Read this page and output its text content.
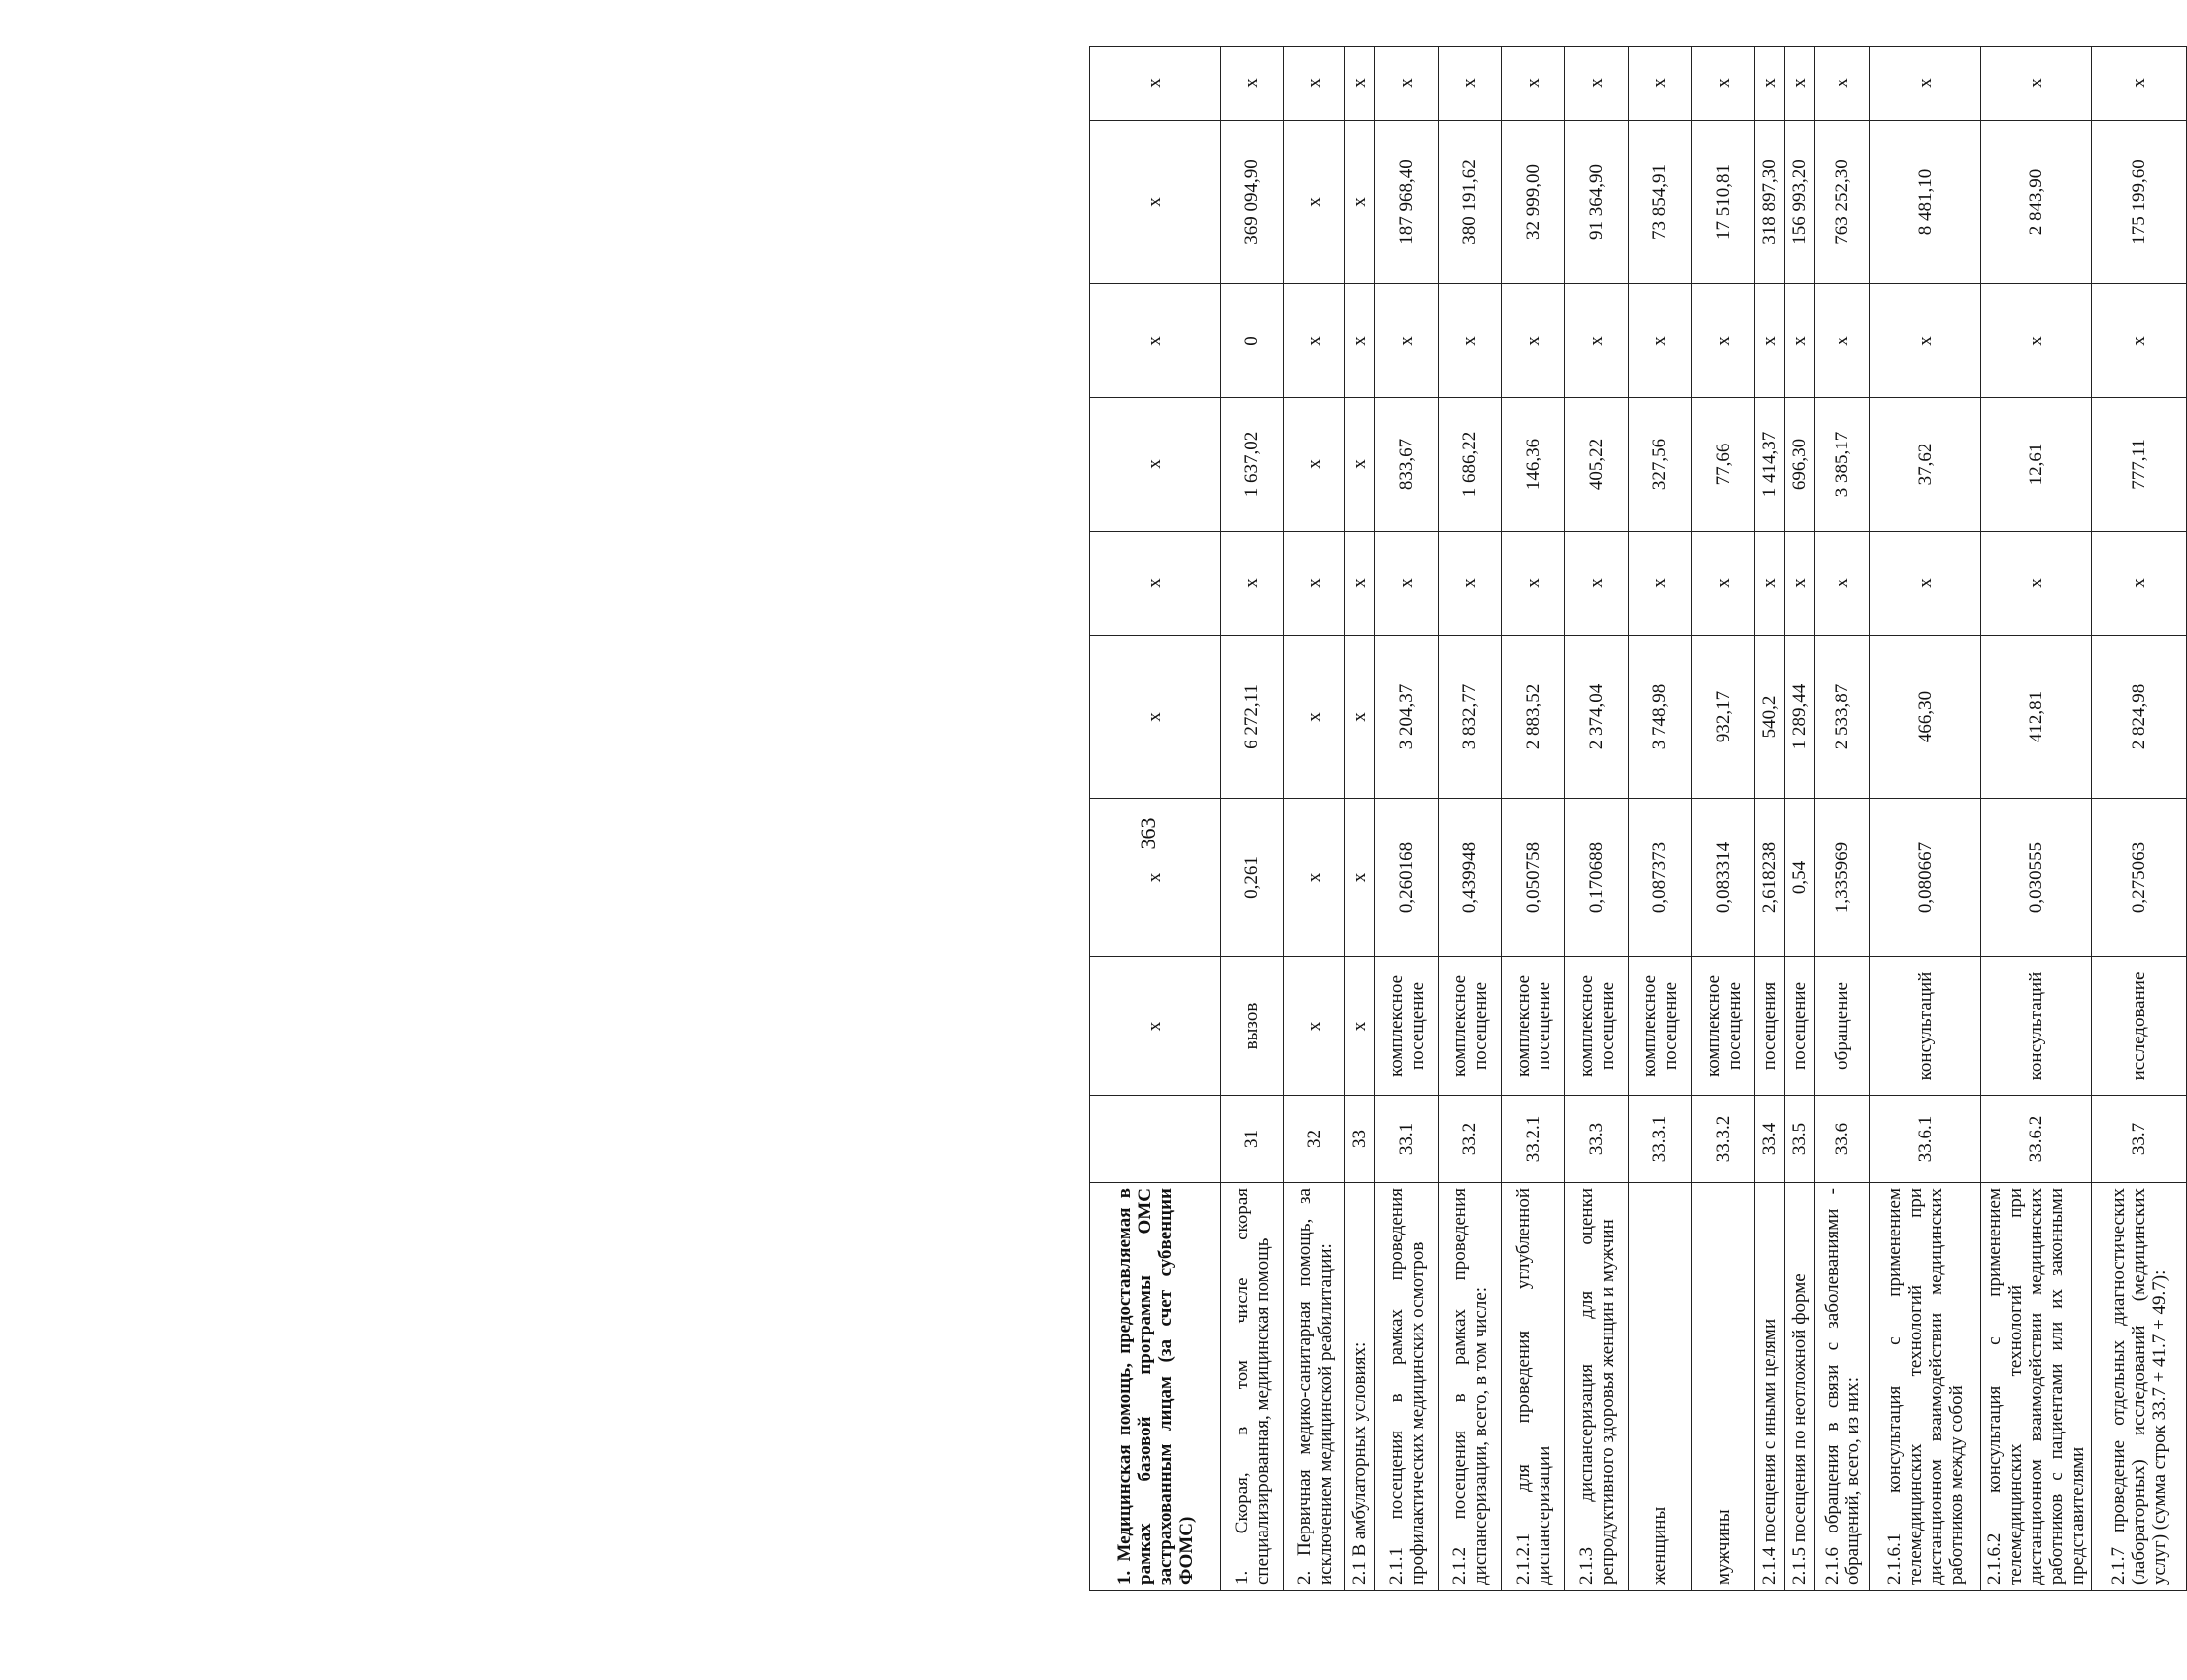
1. Медицинская помощь, предоставляемая в рамках базовой программы ОМС застрахованным лицам (за счет субвенции ФОМС)		x	x	x	x	x	x	x	x
1. Скорая, в том числе скорая специализированная, медицинская помощь	31	вызов	0,261	6 272,11	x	1 637,02	0	369 094,90	x
2. Первичная медико-санитарная помощь, за исключением медицинской реабилитации:	32	x	x	x	x	x	x	x	x
2.1 В амбулаторных условиях:	33	x	x	x	x	x	x	x	x
2.1.1 посещения в рамках проведения профилактических медицинских осмотров	33.1	комплексное посещение	0,260168	3 204,37	x	833,67	x	187 968,40	x
2.1.2 посещения в рамках проведения диспансеризации, всего, в том числе:	33.2	комплексное посещение	0,439948	3 832,77	x	1 686,22	x	380 191,62	x
2.1.2.1 для проведения углубленной диспансеризации	33.2.1	комплексное посещение	0,050758	2 883,52	x	146,36	x	32 999,00	x
2.1.3 диспансеризация для оценки репродуктивного здоровья женщин и мужчин	33.3	комплексное посещение	0,170688	2 374,04	x	405,22	x	91 364,90	x
женщины	33.3.1	комплексное посещение	0,087373	3 748,98	x	327,56	x	73 854,91	x
мужчины	33.3.2	комплексное посещение	0,083314	932,17	x	77,66	x	17 510,81	x
2.1.4 посещения с иными целями	33.4	посещения	2,618238	540,2	x	1 414,37	x	318 897,30	x
2.1.5 посещения по неотложной форме	33.5	посещение	0,54	1 289,44	x	696,30	x	156 993,20	x
2.1.6 обращения в связи с заболеваниями - обращений, всего, из них:	33.6	обращение	1,335969	2 533,87	x	3 385,17	x	763 252,30	x
2.1.6.1 консультация с применением телемедицинских технологий при дистанционном взаимодействии медицинских работников между собой	33.6.1	консультаций	0,080667	466,30	x	37,62	x	8 481,10	x
2.1.6.2 консультация с применением телемедицинских технологий при дистанционном взаимодействии медицинских работников с пациентами или их законными представителями	33.6.2	консультаций	0,030555	412,81	x	12,61	x	2 843,90	x
2.1.7 проведение отдельных диагностических (лабораторных) исследований (медицинских услуг) (сумма строк 33.7 + 41.7 + 49.7):	33.7	исследование	0,275063	2 824,98	x	777,11	x	175 199,60	x
363
